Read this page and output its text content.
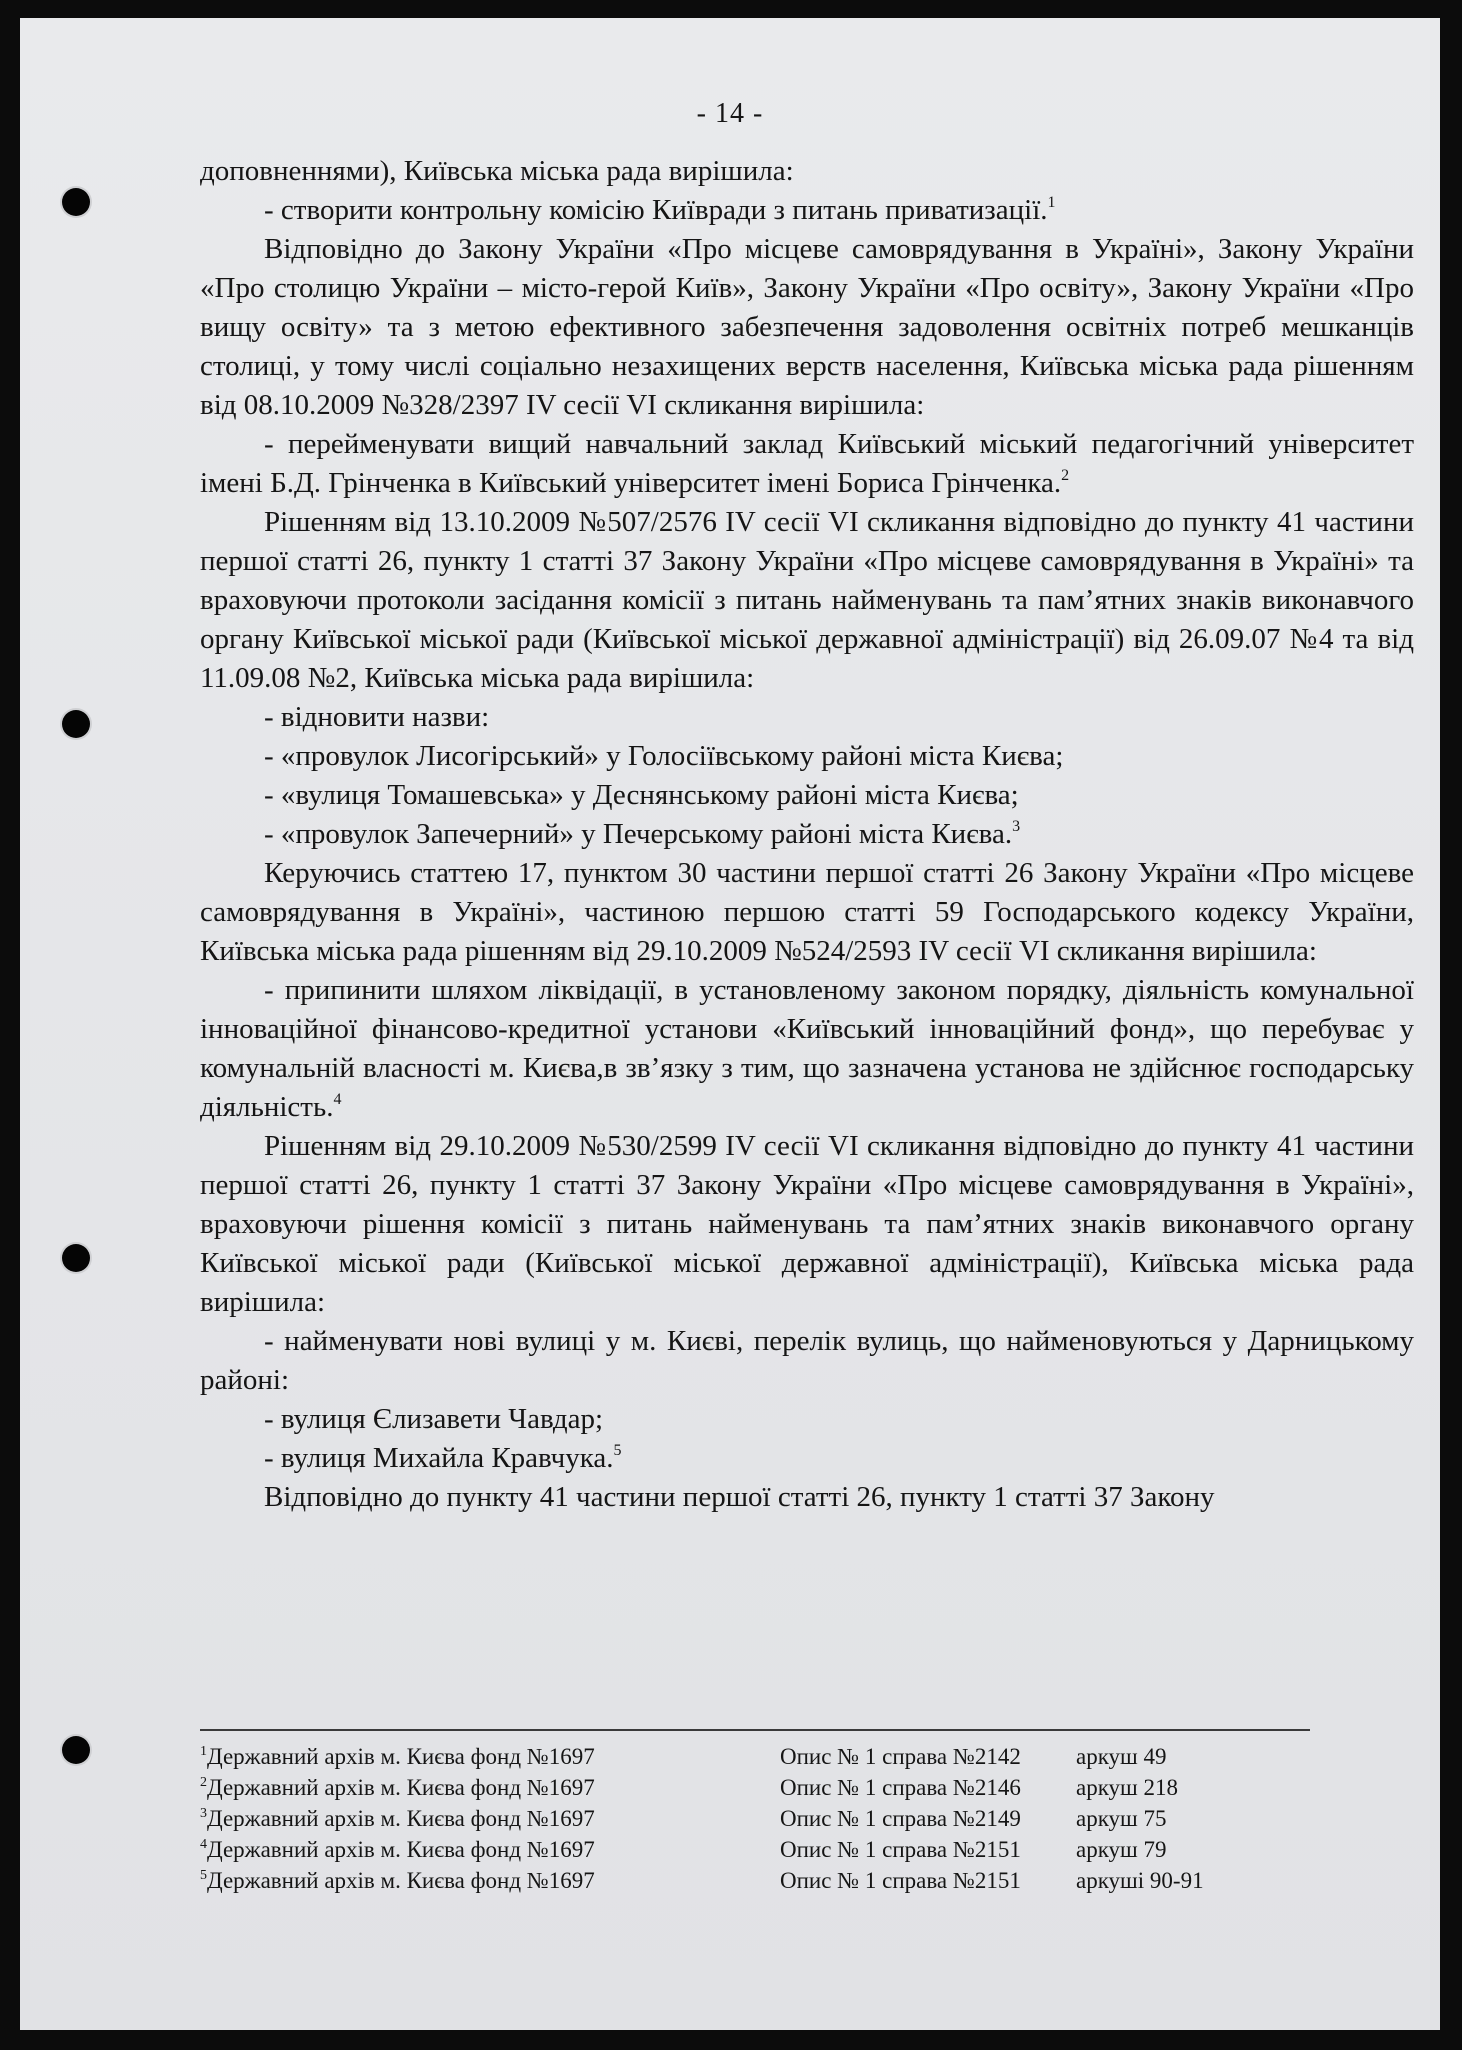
- 14 -

доповненнями), Київська міська рада вирішила:

- створити контрольну комісію Київради з питань приватизації.$^1$

Відповідно до Закону України «Про місцеве самоврядування в Україні», Закону України «Про столицю України – місто-герой Київ», Закону України «Про освіту», Закону України «Про вищу освіту» та з метою ефективного забезпечення задоволення освітніх потреб мешканців столиці, у тому числі соціально незахищених верств населення, Київська міська рада рішенням від 08.10.2009 №328/2397 IV сесії VI скликання вирішила:

- перейменувати вищий навчальний заклад Київський міський педагогічний університет імені Б.Д. Грінченка в Київський університет імені Бориса Грінченка.$^2$

Рішенням від 13.10.2009 №507/2576 IV сесії VI скликання відповідно до пункту 41 частини першої статті 26, пункту 1 статті 37 Закону України «Про місцеве самоврядування в Україні» та враховуючи протоколи засідання комісії з питань найменувань та пам’ятних знаків виконавчого органу Київської міської ради (Київської міської державної адміністрації) від 26.09.07 №4 та від 11.09.08 №2, Київська міська рада вирішила:

- відновити назви:

- «провулок Лисогірський» у Голосіївському районі міста Києва;

- «вулиця Томашевська» у Деснянському районі міста Києва;

- «провулок Запечерний» у Печерському районі міста Києва.$^3$

Керуючись статтею 17, пунктом 30 частини першої статті 26 Закону України «Про місцеве самоврядування в Україні», частиною першою статті 59 Господарського кодексу України, Київська міська рада рішенням від 29.10.2009 №524/2593 IV сесії VI скликання вирішила:

- припинити шляхом ліквідації, в установленому законом порядку, діяльність комунальної інноваційної фінансово-кредитної установи «Київський інноваційний фонд», що перебуває у комунальній власності м. Києва,в зв’язку з тим, що зазначена установа не здійснює господарську діяльність.$^4$

Рішенням від 29.10.2009 №530/2599 IV сесії VI скликання відповідно до пункту 41 частини першої статті 26, пункту 1 статті 37 Закону України «Про місцеве самоврядування в Україні», враховуючи рішення комісії з питань найменувань та пам’ятних знаків виконавчого органу Київської міської ради (Київської міської державної адміністрації), Київська міська рада вирішила:

- найменувати нові вулиці у м. Києві, перелік вулиць, що найменовуються у Дарницькому районі:

- вулиця Єлизавети Чавдар;

- вулиця Михайла Кравчука.$^5$

Відповідно до пункту 41 частини першої статті 26, пункту 1 статті 37 Закону

$^1$Державний архів м. Києва фонд №1697	Опис № 1 справа №2142	аркуш 49
$^2$Державний архів м. Києва фонд №1697	Опис № 1 справа №2146	аркуш 218
$^3$Державний архів м. Києва фонд №1697	Опис № 1 справа №2149	аркуш 75
$^4$Державний архів м. Києва фонд №1697	Опис № 1 справа №2151	аркуш 79
$^5$Державний архів м. Києва фонд №1697	Опис № 1 справа №2151	аркуші 90-91
